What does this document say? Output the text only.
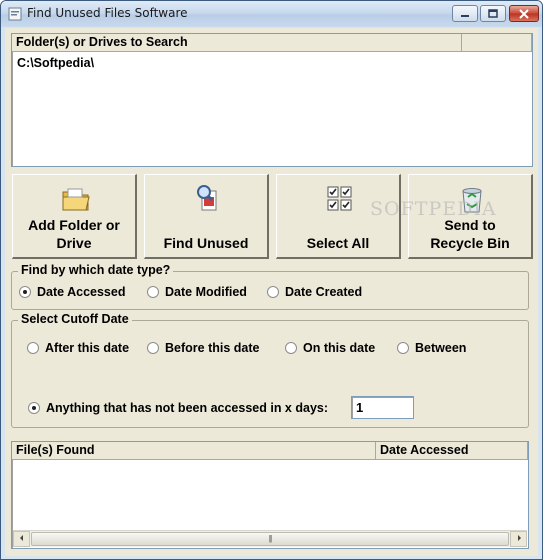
Find Unused Files Software
Folder(s) or Drives to Search
C:\Softpedia\
Add Folder or
Drive	Find Unused	Select All
Send to
Recycle Bin
SOFTPEDIA
Find by which date type?
Date Accessed	Date Modified	Date Created
Select Cutoff Date
After this date	Before this date	On this date	Between
Anything that has not been accessed in x days:	1
File(s) Found	Date Accessed
|||
